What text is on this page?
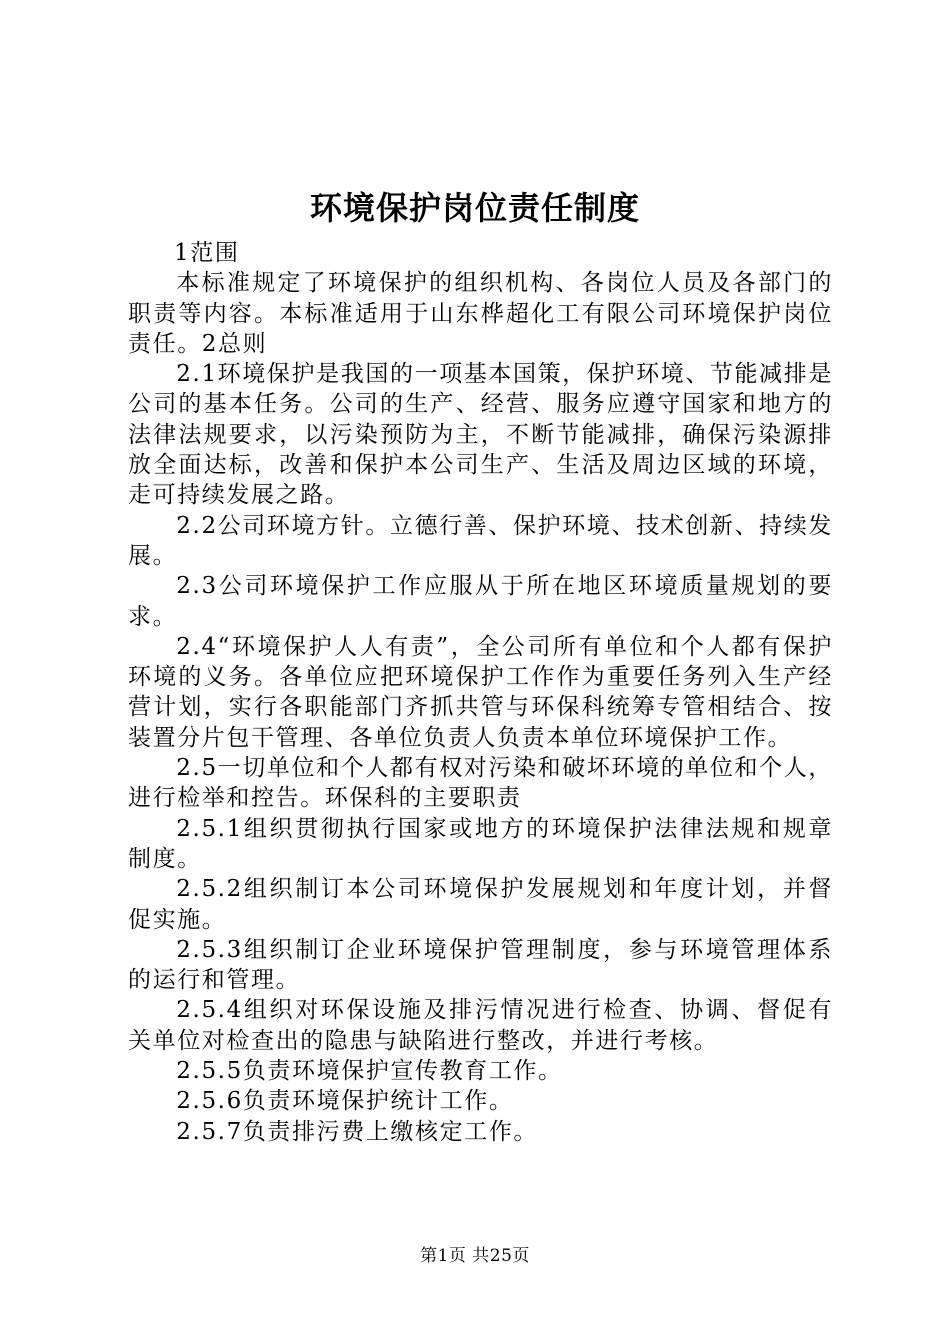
环境保护岗位责任制度

1范围

本标准规定了环境保护的组织机构、各岗位人员及各部门的职责等内容。本标准适用于山东桦超化工有限公司环境保护岗位责任。2总则

2.1环境保护是我国的一项基本国策，保护环境、节能减排是公司的基本任务。公司的生产、经营、服务应遵守国家和地方的法律法规要求，以污染预防为主，不断节能减排，确保污染源排放全面达标，改善和保护本公司生产、生活及周边区域的环境，走可持续发展之路。

2.2公司环境方针。立德行善、保护环境、技术创新、持续发展。

2.3公司环境保护工作应服从于所在地区环境质量规划的要求。

2.4“环境保护人人有责”，全公司所有单位和个人都有保护环境的义务。各单位应把环境保护工作作为重要任务列入生产经营计划，实行各职能部门齐抓共管与环保科统筹专管相结合、按装置分片包干管理、各单位负责人负责本单位环境保护工作。

2.5一切单位和个人都有权对污染和破坏环境的单位和个人，进行检举和控告。环保科的主要职责

2.5.1组织贯彻执行国家或地方的环境保护法律法规和规章制度。

2.5.2组织制订本公司环境保护发展规划和年度计划，并督促实施。

2.5.3组织制订企业环境保护管理制度，参与环境管理体系的运行和管理。

2.5.4组织对环保设施及排污情况进行检查、协调、督促有关单位对检查出的隐患与缺陷进行整改，并进行考核。

2.5.5负责环境保护宣传教育工作。

2.5.6负责环境保护统计工作。

2.5.7负责排污费上缴核定工作。

第1页 共25页
